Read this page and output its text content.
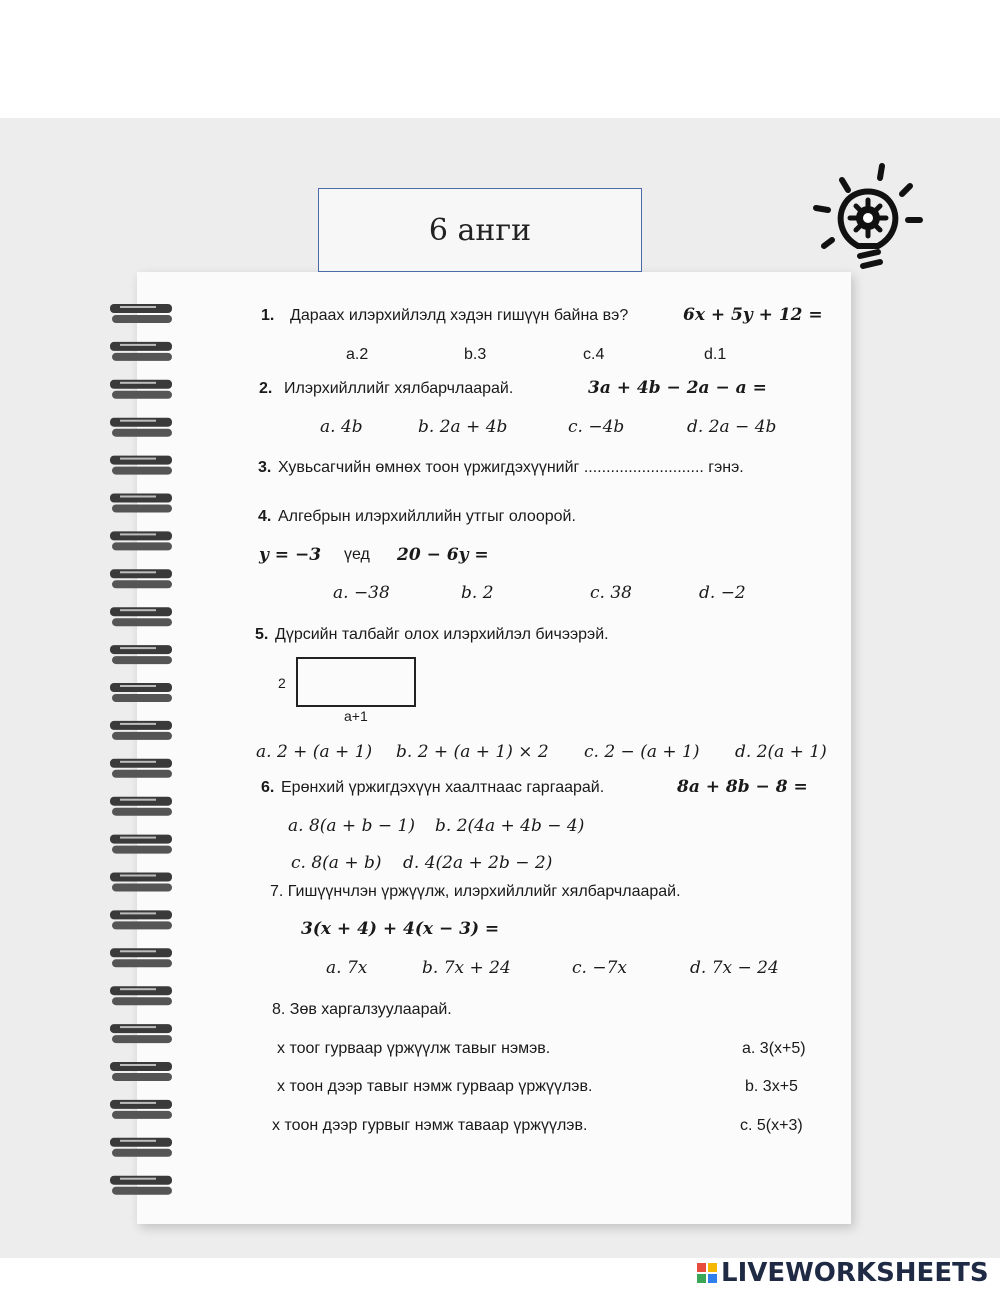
6 анги
1. Дараах илэрхийлэлд хэдэн гишүүн байна вэ?	6x + 5y + 12 =
a.2	b.3	c.4	d.1
2. Илэрхийллийг хялбарчлаарай.	3a + 4b − 2a − a =
a. 4b	b. 2a + 4b	c. −4b	d. 2a − 4b
3. Хувьсагчийн өмнөх тоон үржигдэхүүнийг ........................... гэнэ.
4. Алгебрын илэрхийллийн утгыг олоорой.
y = −3 үед 20 − 6y =
a. −38	b. 2	c. 38	d. −2
5. Дүрсийн талбайг олох илэрхийлэл бичээрэй.
2
a+1
a. 2 + (a + 1) b. 2 + (a + 1) × 2 c. 2 − (a + 1) d. 2(a + 1)
6. Ерөнхий үржигдэхүүн хаалтнаас гаргаарай.	8a + 8b − 8 =
a. 8(a + b − 1) b. 2(4a + 4b − 4)
c. 8(a + b) d. 4(2a + 2b − 2)
7. Гишүүнчлэн үржүүлж, илэрхийллийг хялбарчлаарай.
3(x + 4) + 4(x − 3) =
a. 7x	b. 7x + 24	c. −7x	d. 7x − 24
8. Зөв харгалзуулаарай.
х тоог гурваар үржүүлж тавыг нэмэв.	a. 3(x+5)
х тоон дээр тавыг нэмж гурваар үржүүлэв.	b. 3x+5
х тоон дээр гурвыг нэмж таваар үржүүлэв.	c. 5(x+3)
LIVEWORKSHEETS
